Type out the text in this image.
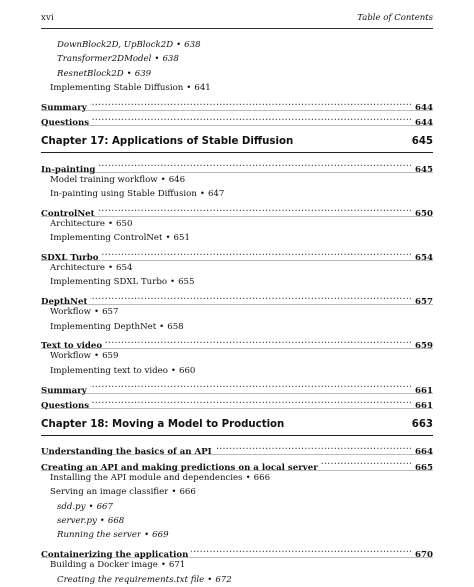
xvi	Table of Contents
DownBlock2D, UpBlock2D • 638
Transformer2DModel • 638
ResnetBlock2D • 639
Implementing Stable Diffusion • 641
Summary . . .	644
Questions . . .	644
Chapter 17: Applications of Stable Diffusion	645
In-painting . . .	645
Model training workflow • 646
In-painting using Stable Diffusion • 647
ControlNet . . .	650
Architecture • 650
Implementing ControlNet • 651
SDXL Turbo . . .	654
Architecture • 654
Implementing SDXL Turbo • 655
DepthNet . . .	657
Workflow • 657
Implementing DepthNet • 658
Text to video . . .	659
Workflow • 659
Implementing text to video • 660
Summary . . .	661
Questions . . .	661
Chapter 18: Moving a Model to Production	663
Understanding the basics of an API . . .	664
Creating an API and making predictions on a local server . . .	665
Installing the API module and dependencies • 666
Serving an image classifier • 666
sdd.py • 667
server.py • 668
Running the server • 669
Containerizing the application . . .	670
Building a Docker image • 671
Creating the requirements.txt file • 672
